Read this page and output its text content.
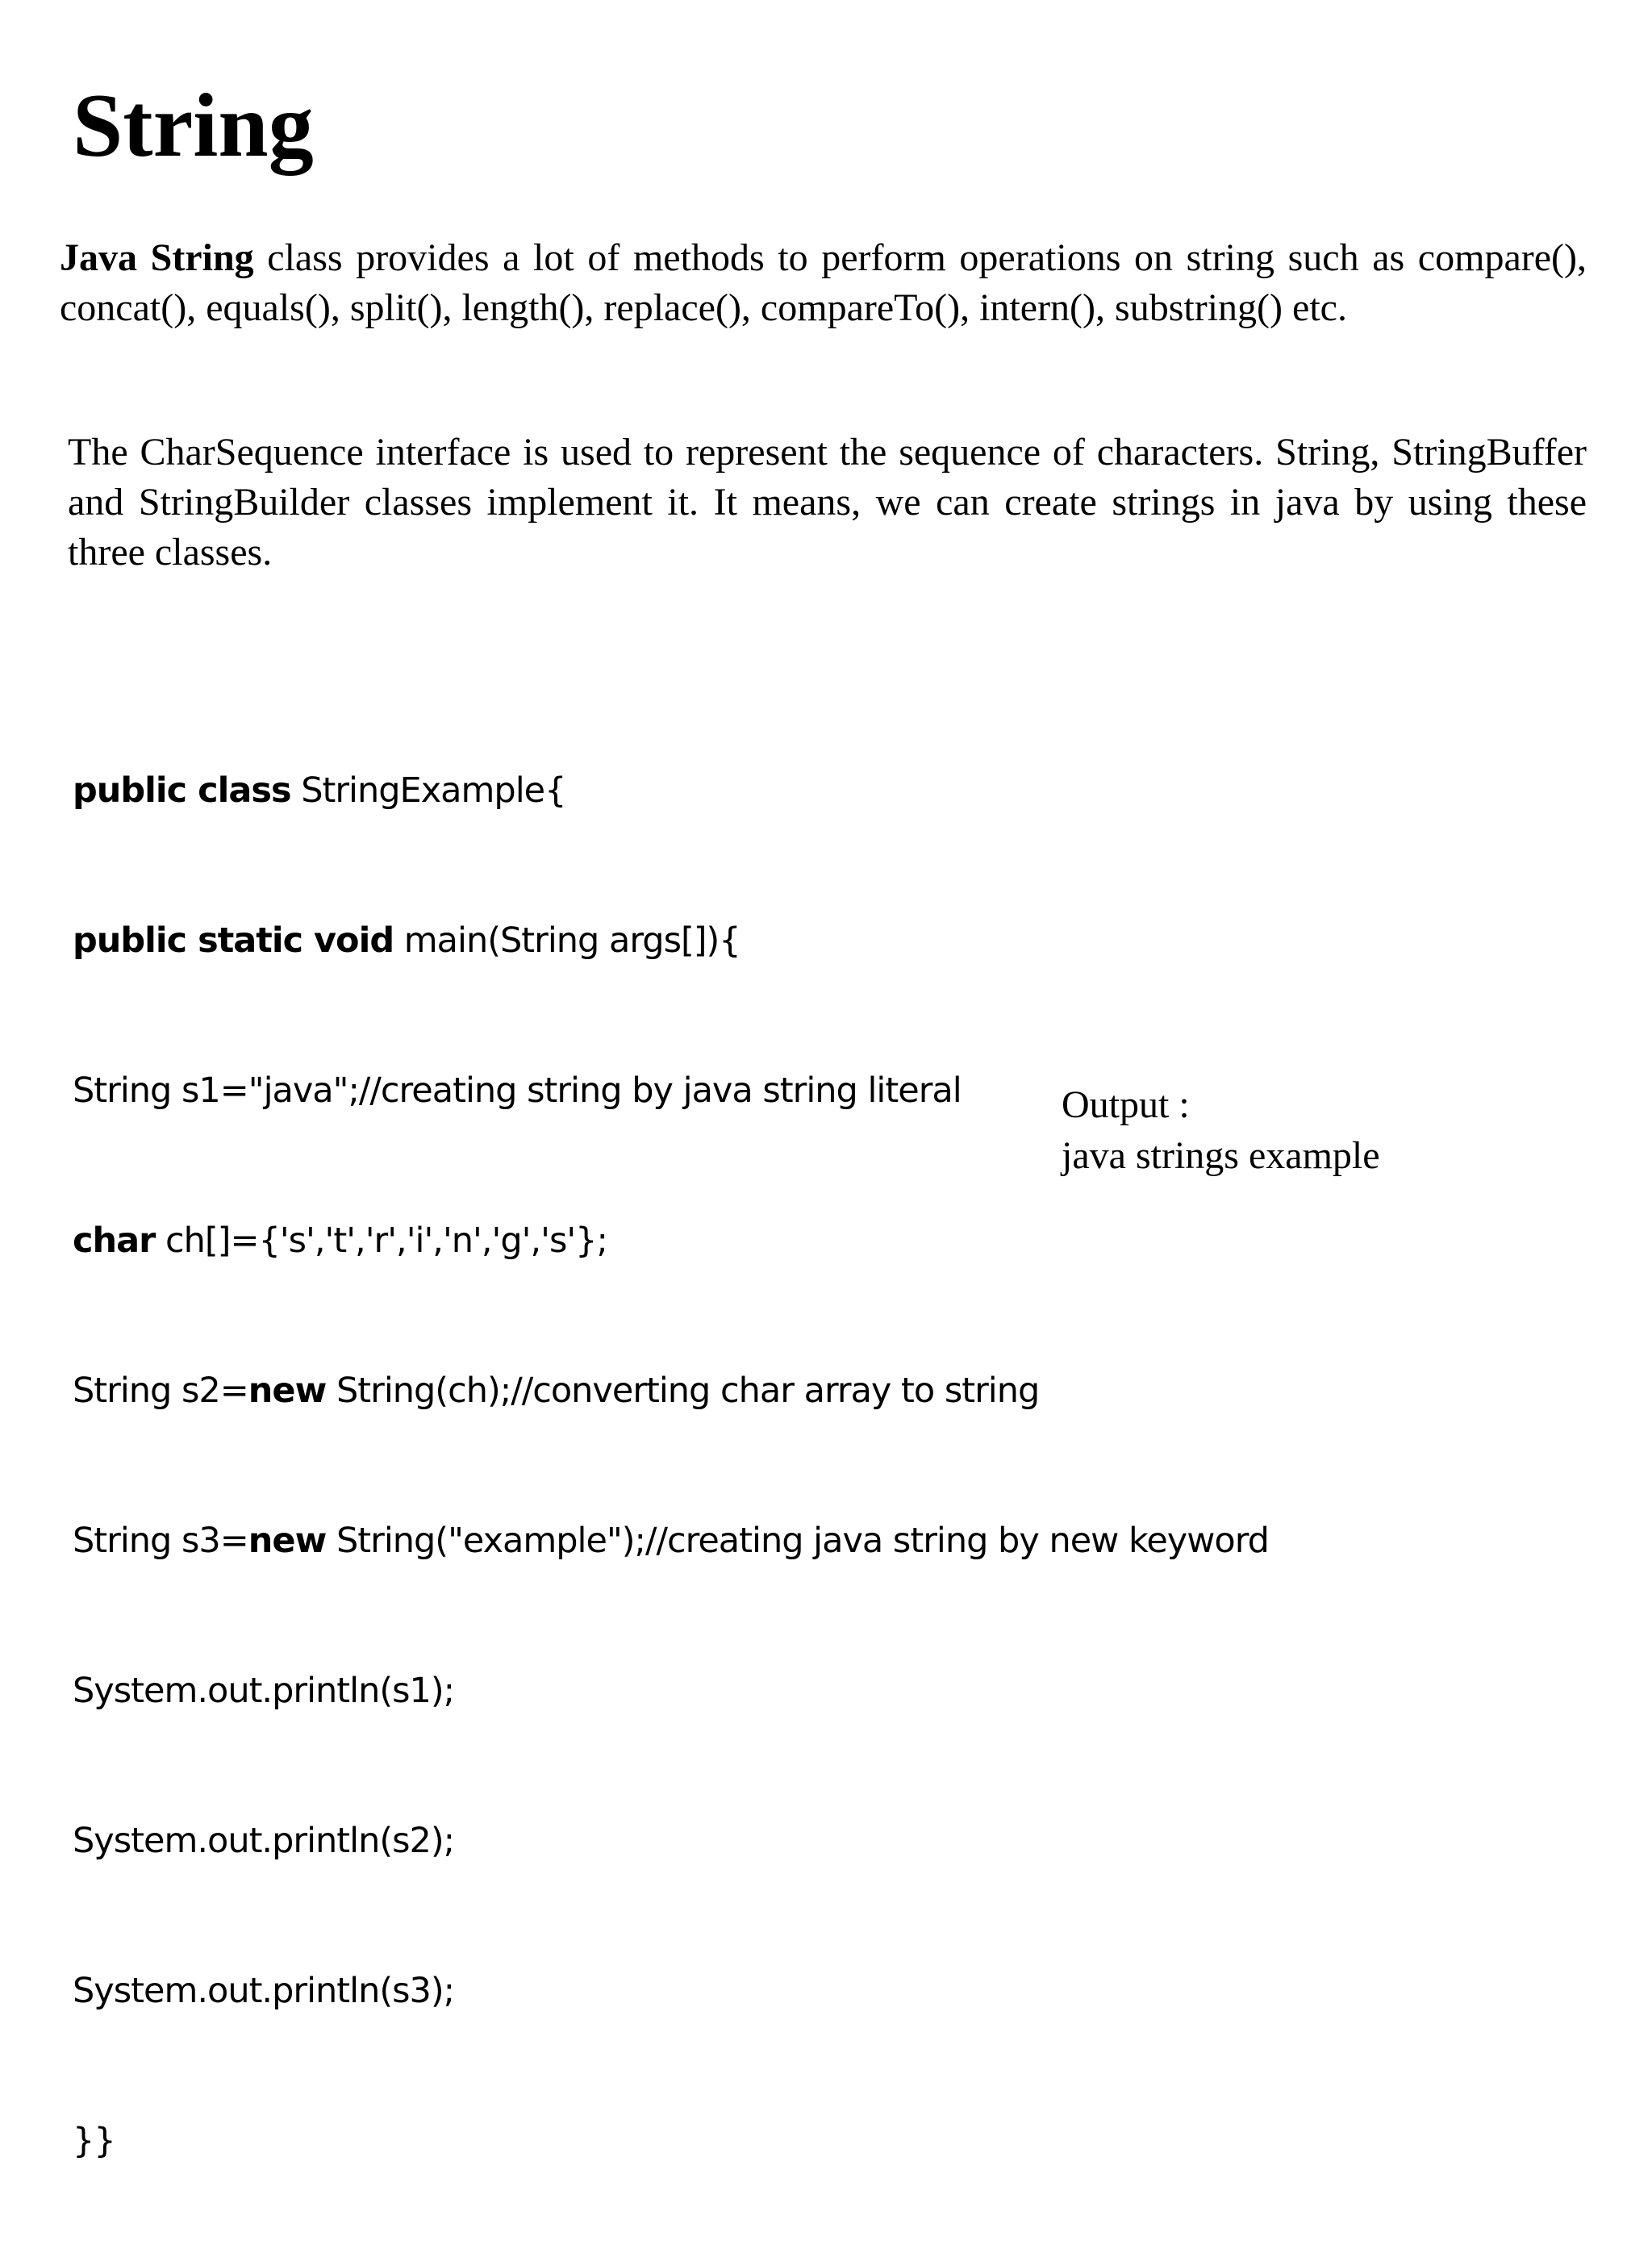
String

Java String class provides a lot of methods to perform operations on string such as compare(), concat(), equals(), split(), length(), replace(), compareTo(), intern(), substring() etc.

The CharSequence interface is used to represent the sequence of characters. String, StringBuffer and StringBuilder classes implement it. It means, we can create strings in java by using these three classes.

public class StringExample{

public static void main(String args[]){

String s1="java";//creating string by java string literal

char ch[]={'s','t','r','i','n','g','s'};

String s2=new String(ch);//converting char array to string

String s3=new String("example");//creating java string by new keyword

System.out.println(s1);

System.out.println(s2);

System.out.println(s3);

}}

Output :
java strings example
